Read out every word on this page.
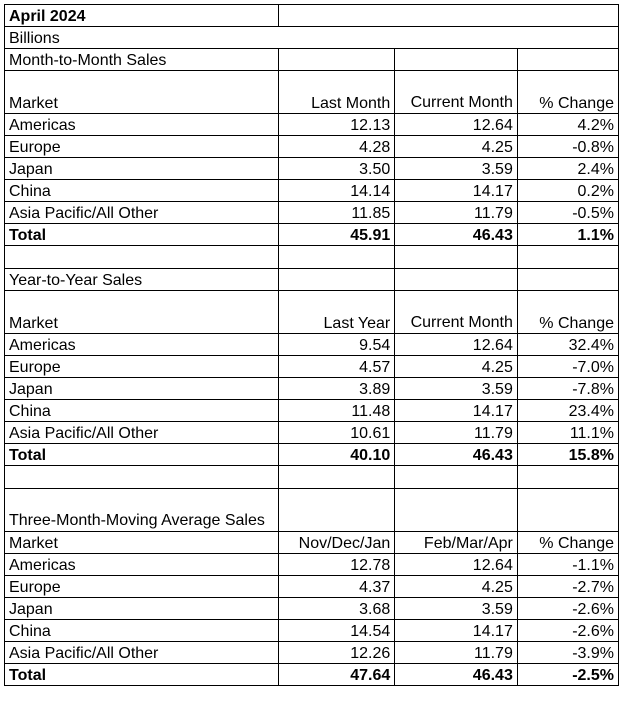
April 2024			
Billions			
Month-to-Month Sales			
Market	Last Month	Current Month	% Change
Americas	12.13	12.64	4.2%
Europe	4.28	4.25	-0.8%
Japan	3.50	3.59	2.4%
China	14.14	14.17	0.2%
Asia Pacific/All Other	11.85	11.79	-0.5%
Total	45.91	46.43	1.1%

Year-to-Year Sales			
Market	Last Year	Current Month	% Change
Americas	9.54	12.64	32.4%
Europe	4.57	4.25	-7.0%
Japan	3.89	3.59	-7.8%
China	11.48	14.17	23.4%
Asia Pacific/All Other	10.61	11.79	11.1%
Total	40.10	46.43	15.8%

Three-Month-Moving Average Sales			
Market	Nov/Dec/Jan	Feb/Mar/Apr	% Change
Americas	12.78	12.64	-1.1%
Europe	4.37	4.25	-2.7%
Japan	3.68	3.59	-2.6%
China	14.54	14.17	-2.6%
Asia Pacific/All Other	12.26	11.79	-3.9%
Total	47.64	46.43	-2.5%
